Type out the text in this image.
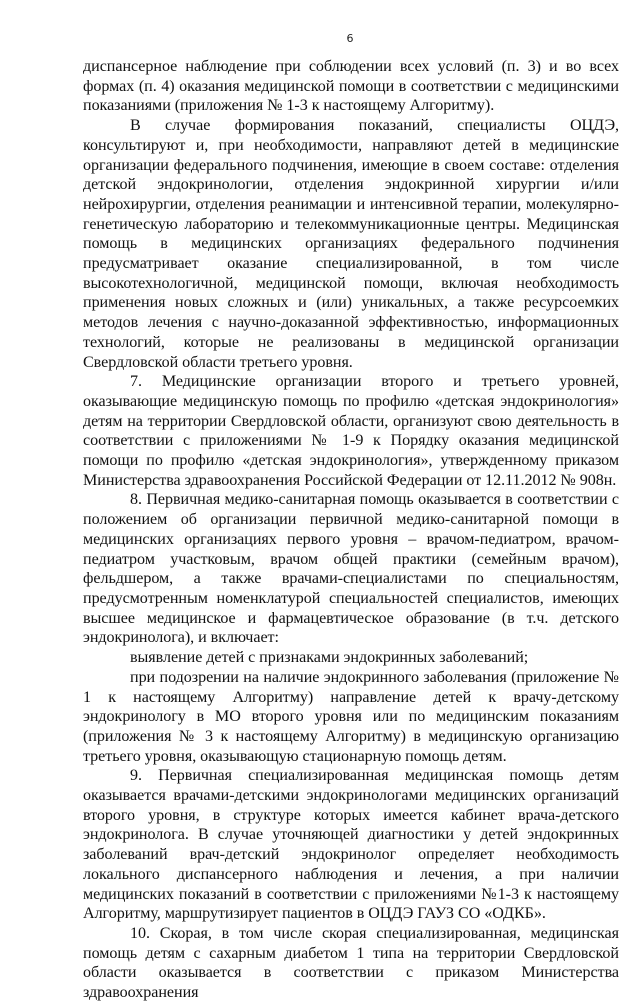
6

диспансерное наблюдение при соблюдении всех условий (п. 3) и во всех формах (п. 4) оказания медицинской помощи в соответствии с медицинскими показаниями (приложения № 1-3 к настоящему Алгоритму).

В случае формирования показаний, специалисты ОЦДЭ, консультируют и, при необходимости, направляют детей в медицинские организации федерального подчинения, имеющие в своем составе: отделения детской эндокринологии, отделения эндокринной хирургии и/или нейрохирургии, отделения реанимации и интенсивной терапии, молекулярно-генетическую лабораторию и телекоммуникационные центры. Медицинская помощь в медицинских организациях федерального подчинения предусматривает оказание специализированной, в том числе высокотехнологичной, медицинской помощи, включая необходимость применения новых сложных и (или) уникальных, а также ресурсоемких методов лечения с научно-доказанной эффективностью, информационных технологий, которые не реализованы в медицинской организации Свердловской области третьего уровня.

7. Медицинские организации второго и третьего уровней, оказывающие медицинскую помощь по профилю «детская эндокринология» детям на территории Свердловской области, организуют свою деятельность в соответствии с приложениями № 1-9 к Порядку оказания медицинской помощи по профилю «детская эндокринология», утвержденному приказом Министерства здравоохранения Российской Федерации от 12.11.2012 № 908н.

8. Первичная медико-санитарная помощь оказывается в соответствии с положением об организации первичной медико-санитарной помощи в медицинских организациях первого уровня – врачом-педиатром, врачом-педиатром участковым, врачом общей практики (семейным врачом), фельдшером, а также врачами-специалистами по специальностям, предусмотренным номенклатурой специальностей специалистов, имеющих высшее медицинское и фармацевтическое образование (в т.ч. детского эндокринолога), и включает:

выявление детей с признаками эндокринных заболеваний;

при подозрении на наличие эндокринного заболевания (приложение № 1 к настоящему Алгоритму) направление детей к врачу-детскому эндокринологу в МО второго уровня или по медицинским показаниям (приложения № 3 к настоящему Алгоритму) в медицинскую организацию третьего уровня, оказывающую стационарную помощь детям.

9. Первичная специализированная медицинская помощь детям оказывается врачами-детскими эндокринологами медицинских организаций второго уровня, в структуре которых имеется кабинет врача-детского эндокринолога. В случае уточняющей диагностики у детей эндокринных заболеваний врач-детский эндокринолог определяет необходимость локального диспансерного наблюдения и лечения, а при наличии медицинских показаний в соответствии с приложениями №1-3 к настоящему Алгоритму, маршрутизирует пациентов в ОЦДЭ ГАУЗ СО «ОДКБ».

10. Скорая, в том числе скорая специализированная, медицинская помощь детям с сахарным диабетом 1 типа на территории Свердловской области оказывается в соответствии с приказом Министерства здравоохранения
